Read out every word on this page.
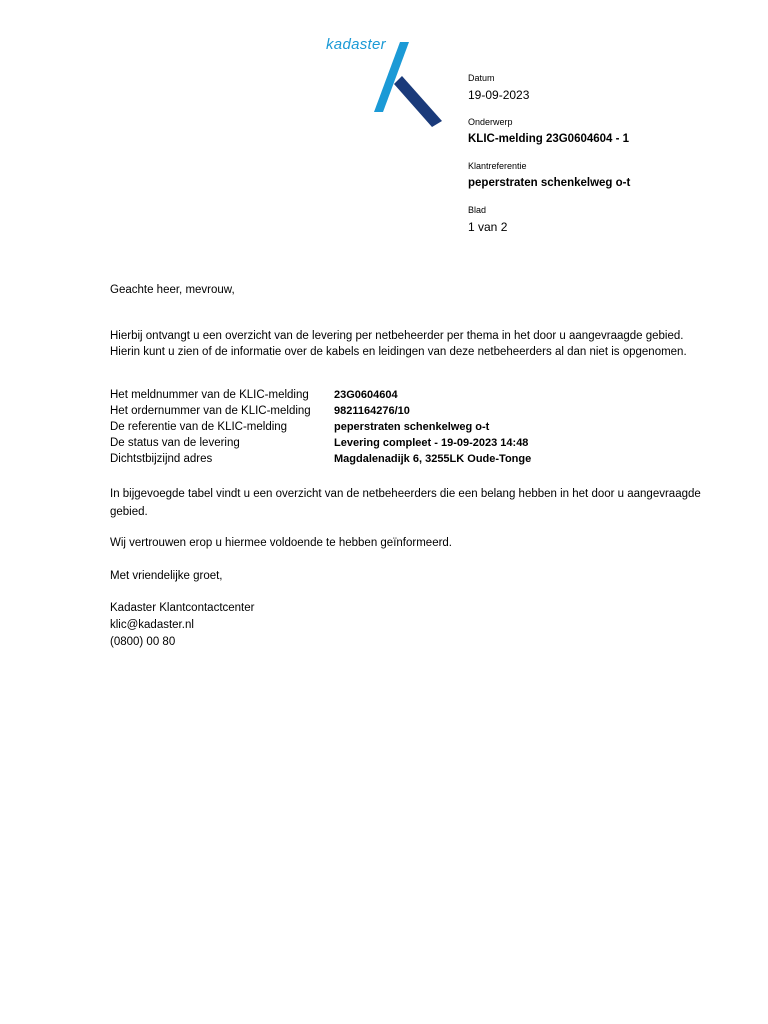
kadaster

Datum

19-09-2023

Onderwerp

KLIC-melding 23G0604604 - 1

Klantreferentie

peperstraten schenkelweg o-t

Blad

1 van 2

Geachte heer, mevrouw,

Hierbij ontvangt u een overzicht van de levering per netbeheerder per thema in het door u aangevraagde gebied.

Hierin kunt u zien of de informatie over de kabels en leidingen van deze netbeheerders al dan niet is opgenomen.

Het meldnummer van de KLIC-melding	23G0604604
Het ordernummer van de KLIC-melding	9821164276/10
De referentie van de KLIC-melding	peperstraten schenkelweg o-t
De status van de levering	Levering compleet - 19-09-2023 14:48
Dichtstbijzijnd adres	Magdalenadijk 6, 3255LK Oude-Tonge

In bijgevoegde tabel vindt u een overzicht van de netbeheerders die een belang hebben in het door u aangevraagde gebied.

Wij vertrouwen erop u hiermee voldoende te hebben geïnformeerd.

Met vriendelijke groet,

Kadaster Klantcontactcenter
klic@kadaster.nl
(0800) 00 80
